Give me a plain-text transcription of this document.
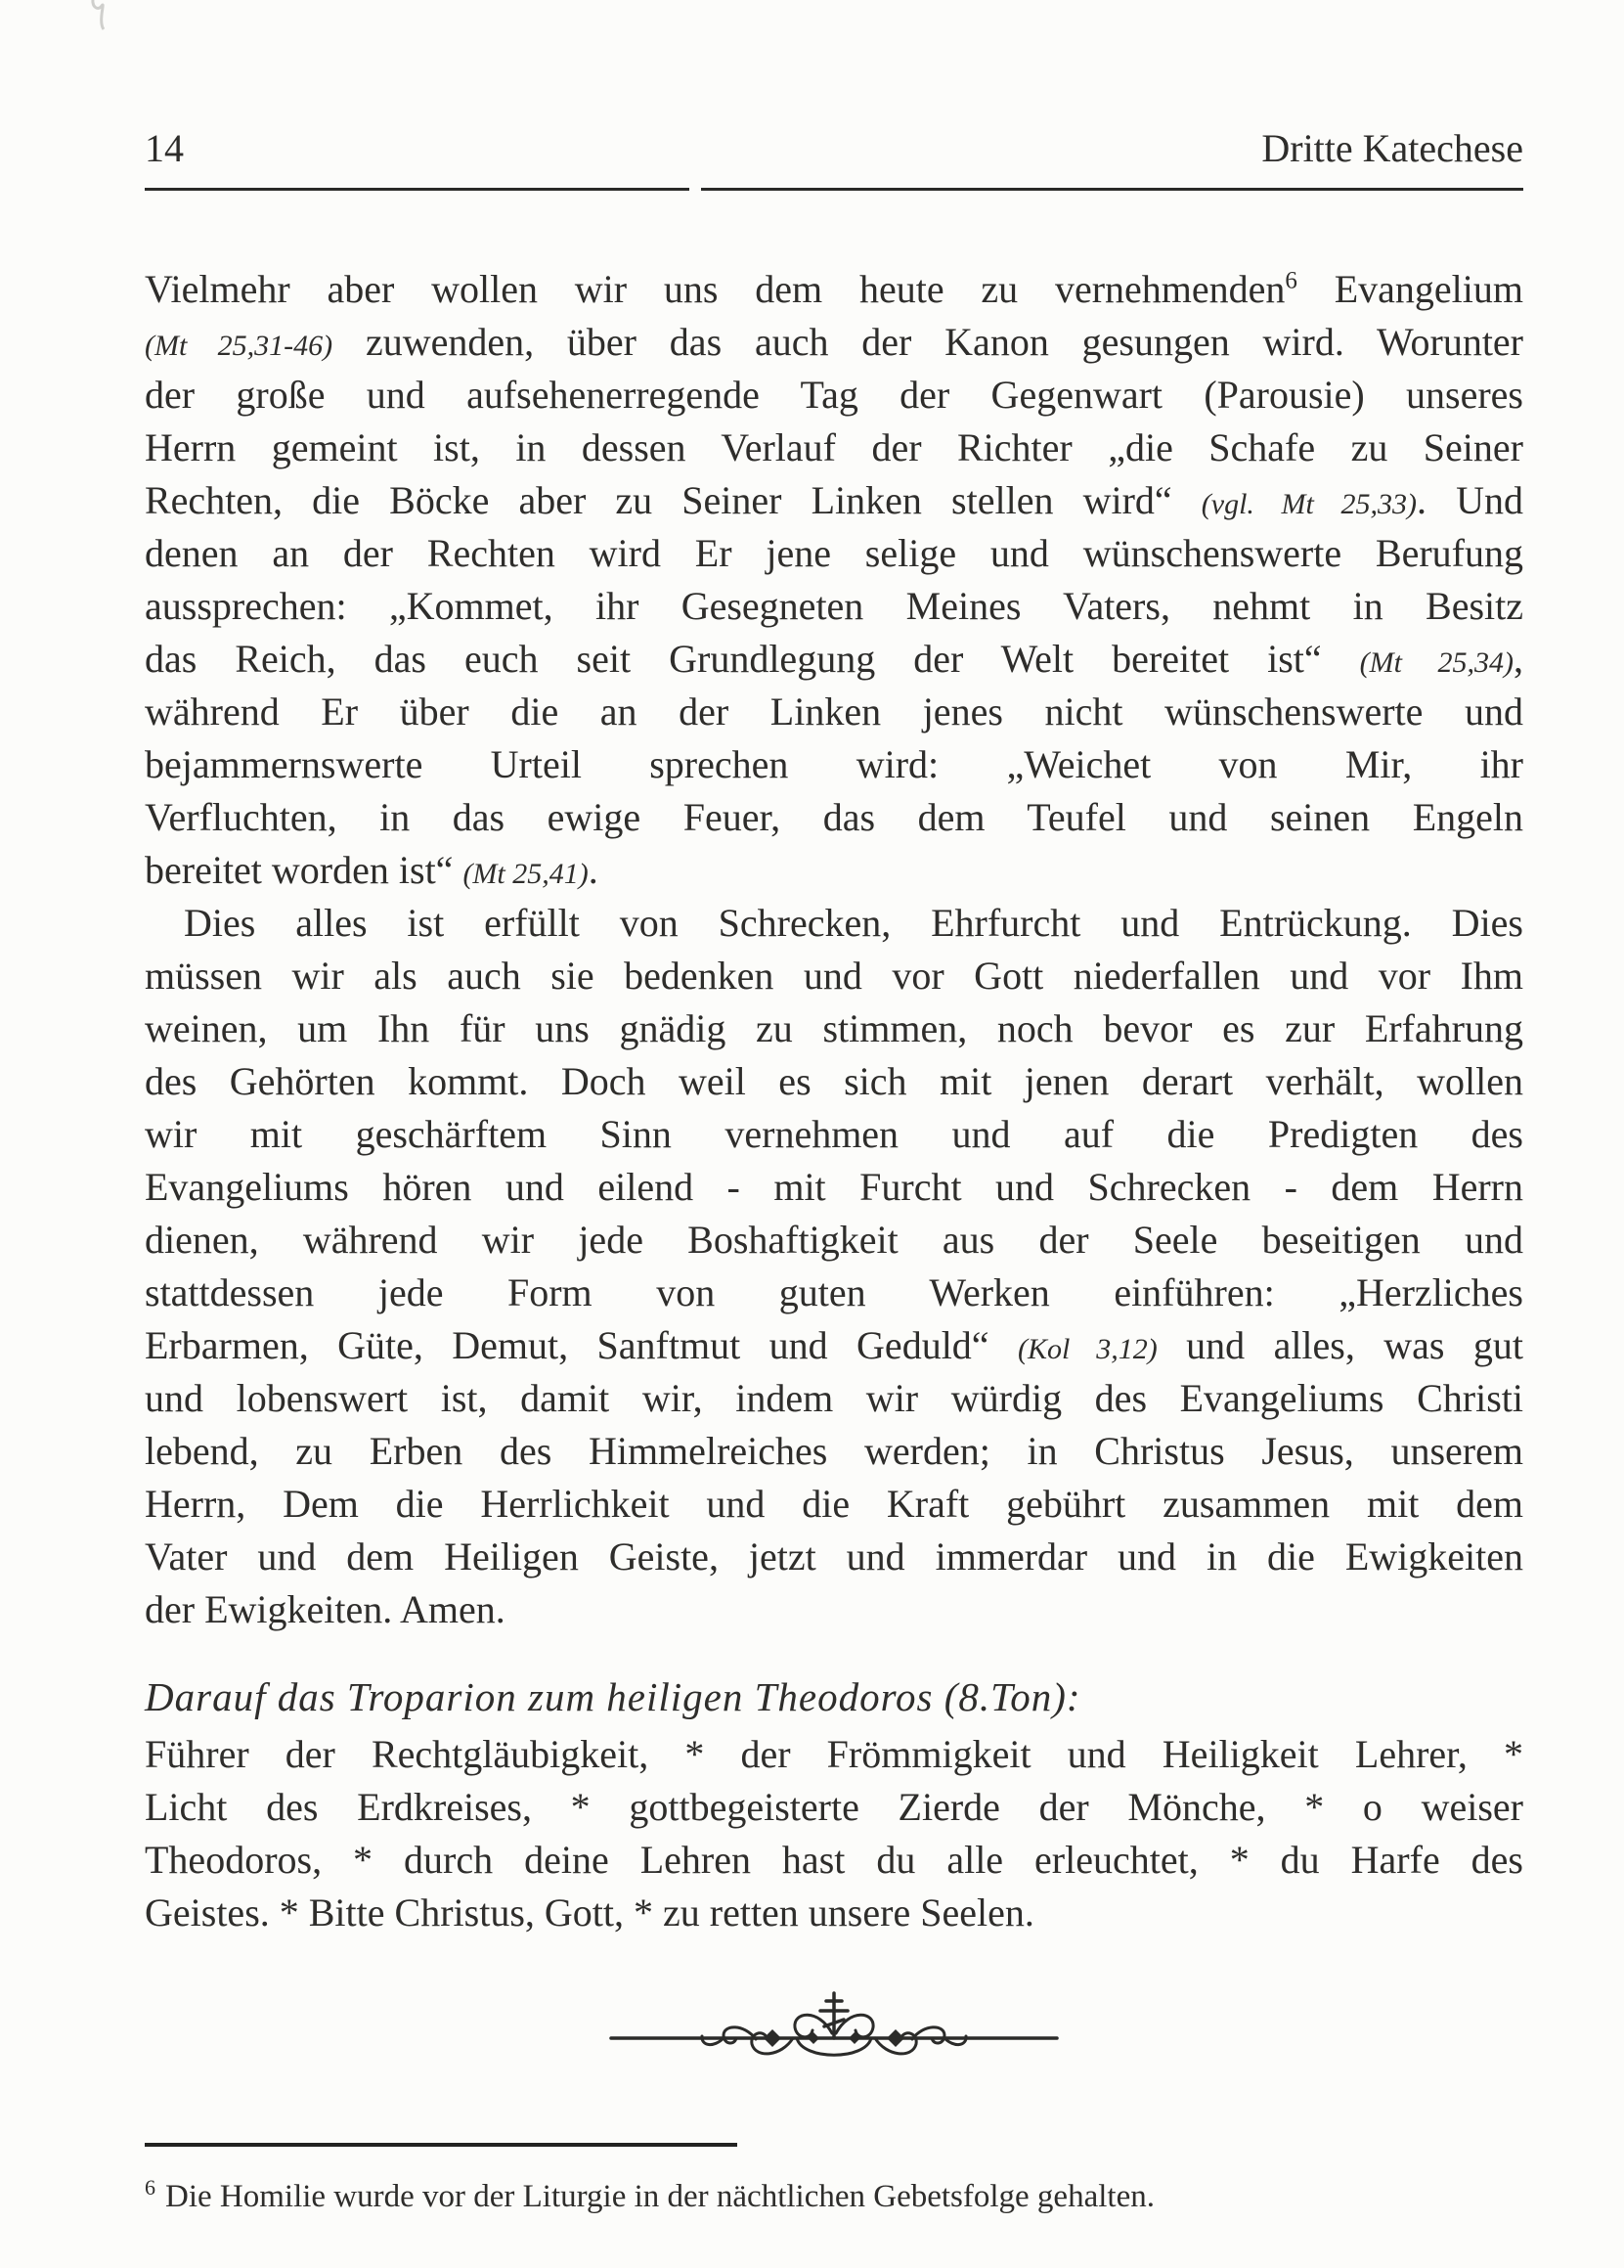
14	Dritte Katechese
Vielmehr aber wollen wir uns dem heute zu vernehmenden$^6$ Evangelium
(Mt 25,31-46) zuwenden, über das auch der Kanon gesungen wird. Worunter
der große und aufsehenerregende Tag der Gegenwart (Parousie) unseres
Herrn gemeint ist, in dessen Verlauf der Richter „die Schafe zu Seiner
Rechten, die Böcke aber zu Seiner Linken stellen wird“ (vgl. Mt 25,33). Und
denen an der Rechten wird Er jene selige und wünschenswerte Berufung
aussprechen: „Kommet, ihr Gesegneten Meines Vaters, nehmt in Besitz
das Reich, das euch seit Grundlegung der Welt bereitet ist“ (Mt 25,34),
während Er über die an der Linken jenes nicht wünschenswerte und
bejammernswerte Urteil sprechen wird: „Weichet von Mir, ihr
Verfluchten, in das ewige Feuer, das dem Teufel und seinen Engeln
bereitet worden ist“ (Mt 25,41).
Dies alles ist erfüllt von Schrecken, Ehrfurcht und Entrückung. Dies
müssen wir als auch sie bedenken und vor Gott niederfallen und vor Ihm
weinen, um Ihn für uns gnädig zu stimmen, noch bevor es zur Erfahrung
des Gehörten kommt. Doch weil es sich mit jenen derart verhält, wollen
wir mit geschärftem Sinn vernehmen und auf die Predigten des
Evangeliums hören und eilend - mit Furcht und Schrecken - dem Herrn
dienen, während wir jede Boshaftigkeit aus der Seele beseitigen und
stattdessen jede Form von guten Werken einführen: „Herzliches
Erbarmen, Güte, Demut, Sanftmut und Geduld“ (Kol 3,12) und alles, was gut
und lobenswert ist, damit wir, indem wir würdig des Evangeliums Christi
lebend, zu Erben des Himmelreiches werden; in Christus Jesus, unserem
Herrn, Dem die Herrlichkeit und die Kraft gebührt zusammen mit dem
Vater und dem Heiligen Geiste, jetzt und immerdar und in die Ewigkeiten
der Ewigkeiten. Amen.
Darauf das Troparion zum heiligen Theodoros (8.Ton):
Führer der Rechtgläubigkeit, * der Frömmigkeit und Heiligkeit Lehrer, *
Licht des Erdkreises, * gottbegeisterte Zierde der Mönche, * o weiser
Theodoros, * durch deine Lehren hast du alle erleuchtet, * du Harfe des
Geistes. * Bitte Christus, Gott, * zu retten unsere Seelen.
$^6$ Die Homilie wurde vor der Liturgie in der nächtlichen Gebetsfolge gehalten.
